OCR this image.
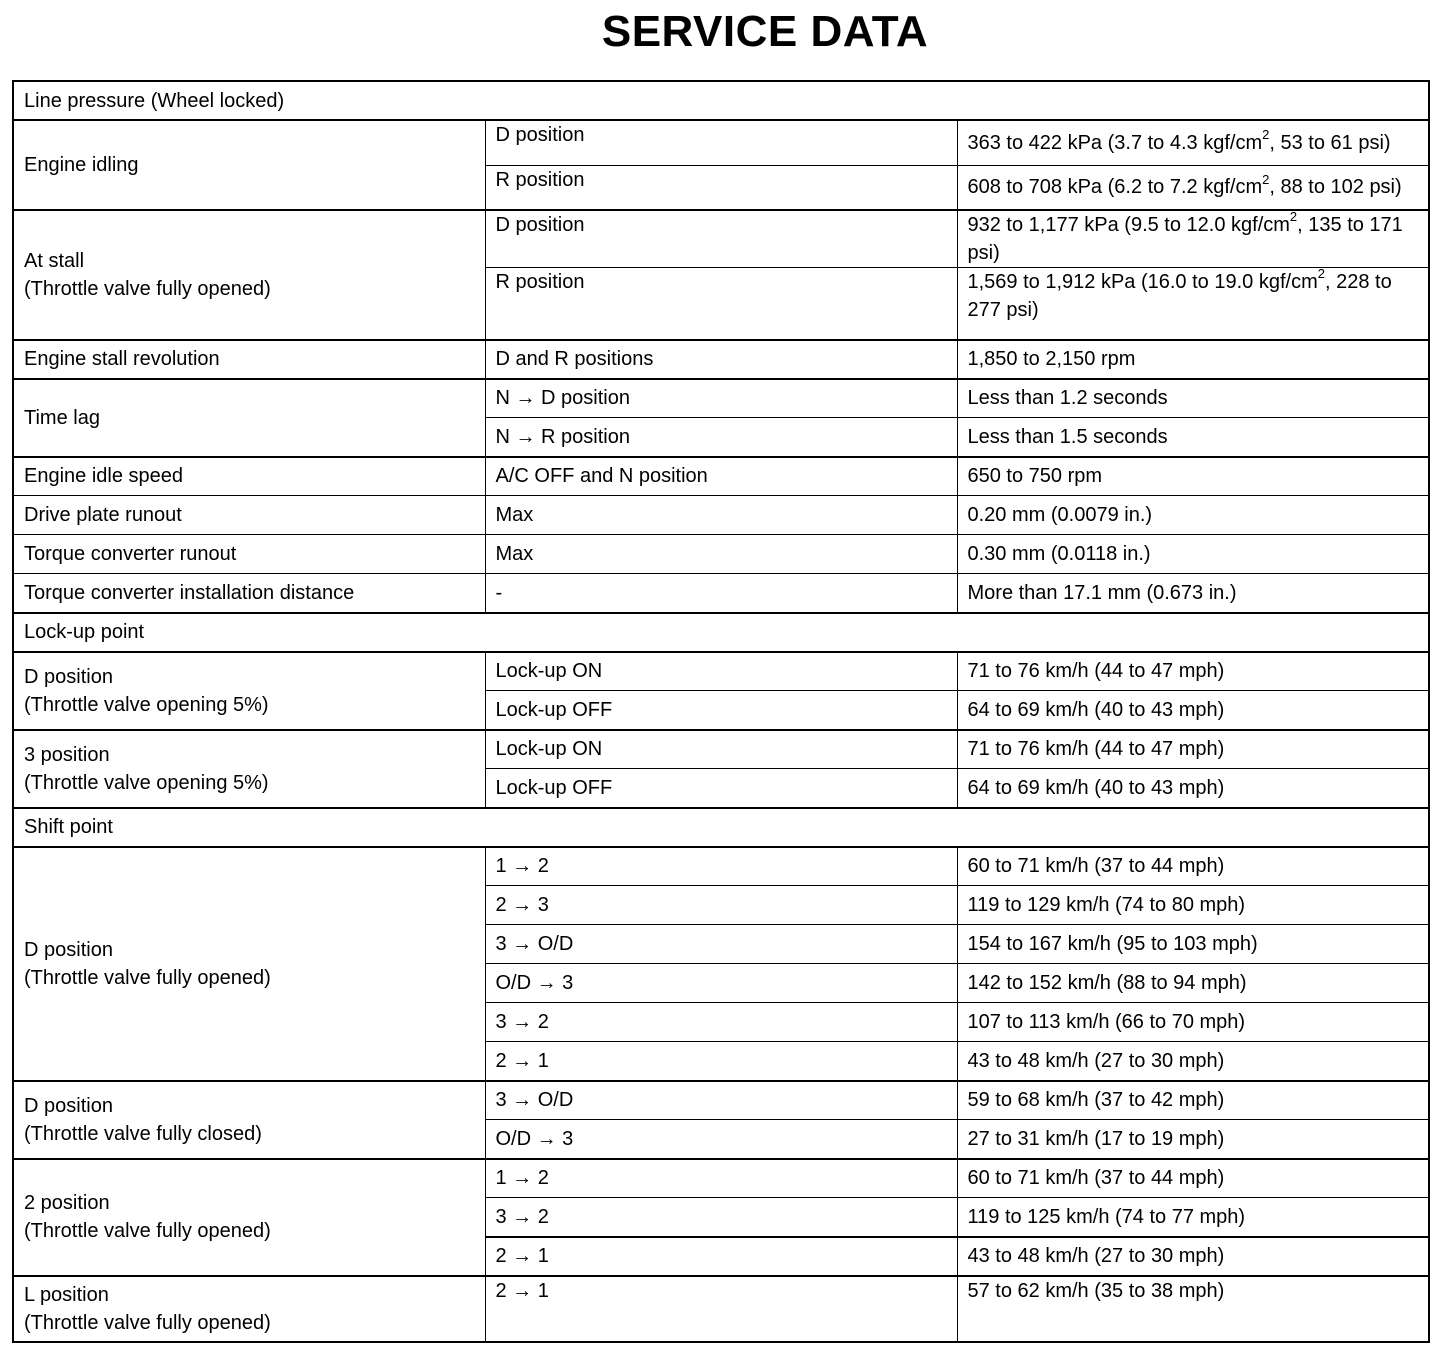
SERVICE DATA
Line pressure (Wheel locked)		
Engine idling	D position	363 to 422 kPa (3.7 to 4.3 kgf/$cm^2$, 53 to 61 psi)
	R position	608 to 708 kPa (6.2 to 7.2 kgf/$cm^2$, 88 to 102 psi)
At stall
(Throttle valve fully opened)	D position	932 to 1,177 kPa (9.5 to 12.0 kgf/$cm^2$, 135 to 171 psi)
	R position	1,569 to 1,912 kPa (16.0 to 19.0 kgf/$cm^2$, 228 to 277 psi)
Engine stall revolution	D and R positions	1,850 to 2,150 rpm
Time lag	N → D position	Less than 1.2 seconds
	N → R position	Less than 1.5 seconds
Engine idle speed	A/C OFF and N position	650 to 750 rpm
Drive plate runout	Max	0.20 mm (0.0079 in.)
Torque converter runout	Max	0.30 mm (0.0118 in.)
Torque converter installation distance	-	More than 17.1 mm (0.673 in.)
Lock-up point		
D position
(Throttle valve opening 5%)	Lock-up ON	71 to 76 km/h (44 to 47 mph)
	Lock-up OFF	64 to 69 km/h (40 to 43 mph)
3 position
(Throttle valve opening 5%)	Lock-up ON	71 to 76 km/h (44 to 47 mph)
	Lock-up OFF	64 to 69 km/h (40 to 43 mph)
Shift point		
D position
(Throttle valve fully opened)	1 → 2	60 to 71 km/h (37 to 44 mph)
	2 → 3	119 to 129 km/h (74 to 80 mph)
	3 → O/D	154 to 167 km/h (95 to 103 mph)
	O/D → 3	142 to 152 km/h (88 to 94 mph)
	3 → 2	107 to 113 km/h (66 to 70 mph)
	2 → 1	43 to 48 km/h (27 to 30 mph)
D position
(Throttle valve fully closed)	3 → O/D	59 to 68 km/h (37 to 42 mph)
	O/D → 3	27 to 31 km/h (17 to 19 mph)
2 position
(Throttle valve fully opened)	1 → 2	60 to 71 km/h (37 to 44 mph)
	3 → 2	119 to 125 km/h (74 to 77 mph)
	2 → 1	43 to 48 km/h (27 to 30 mph)
L position
(Throttle valve fully opened)	2 → 1	57 to 62 km/h (35 to 38 mph)
